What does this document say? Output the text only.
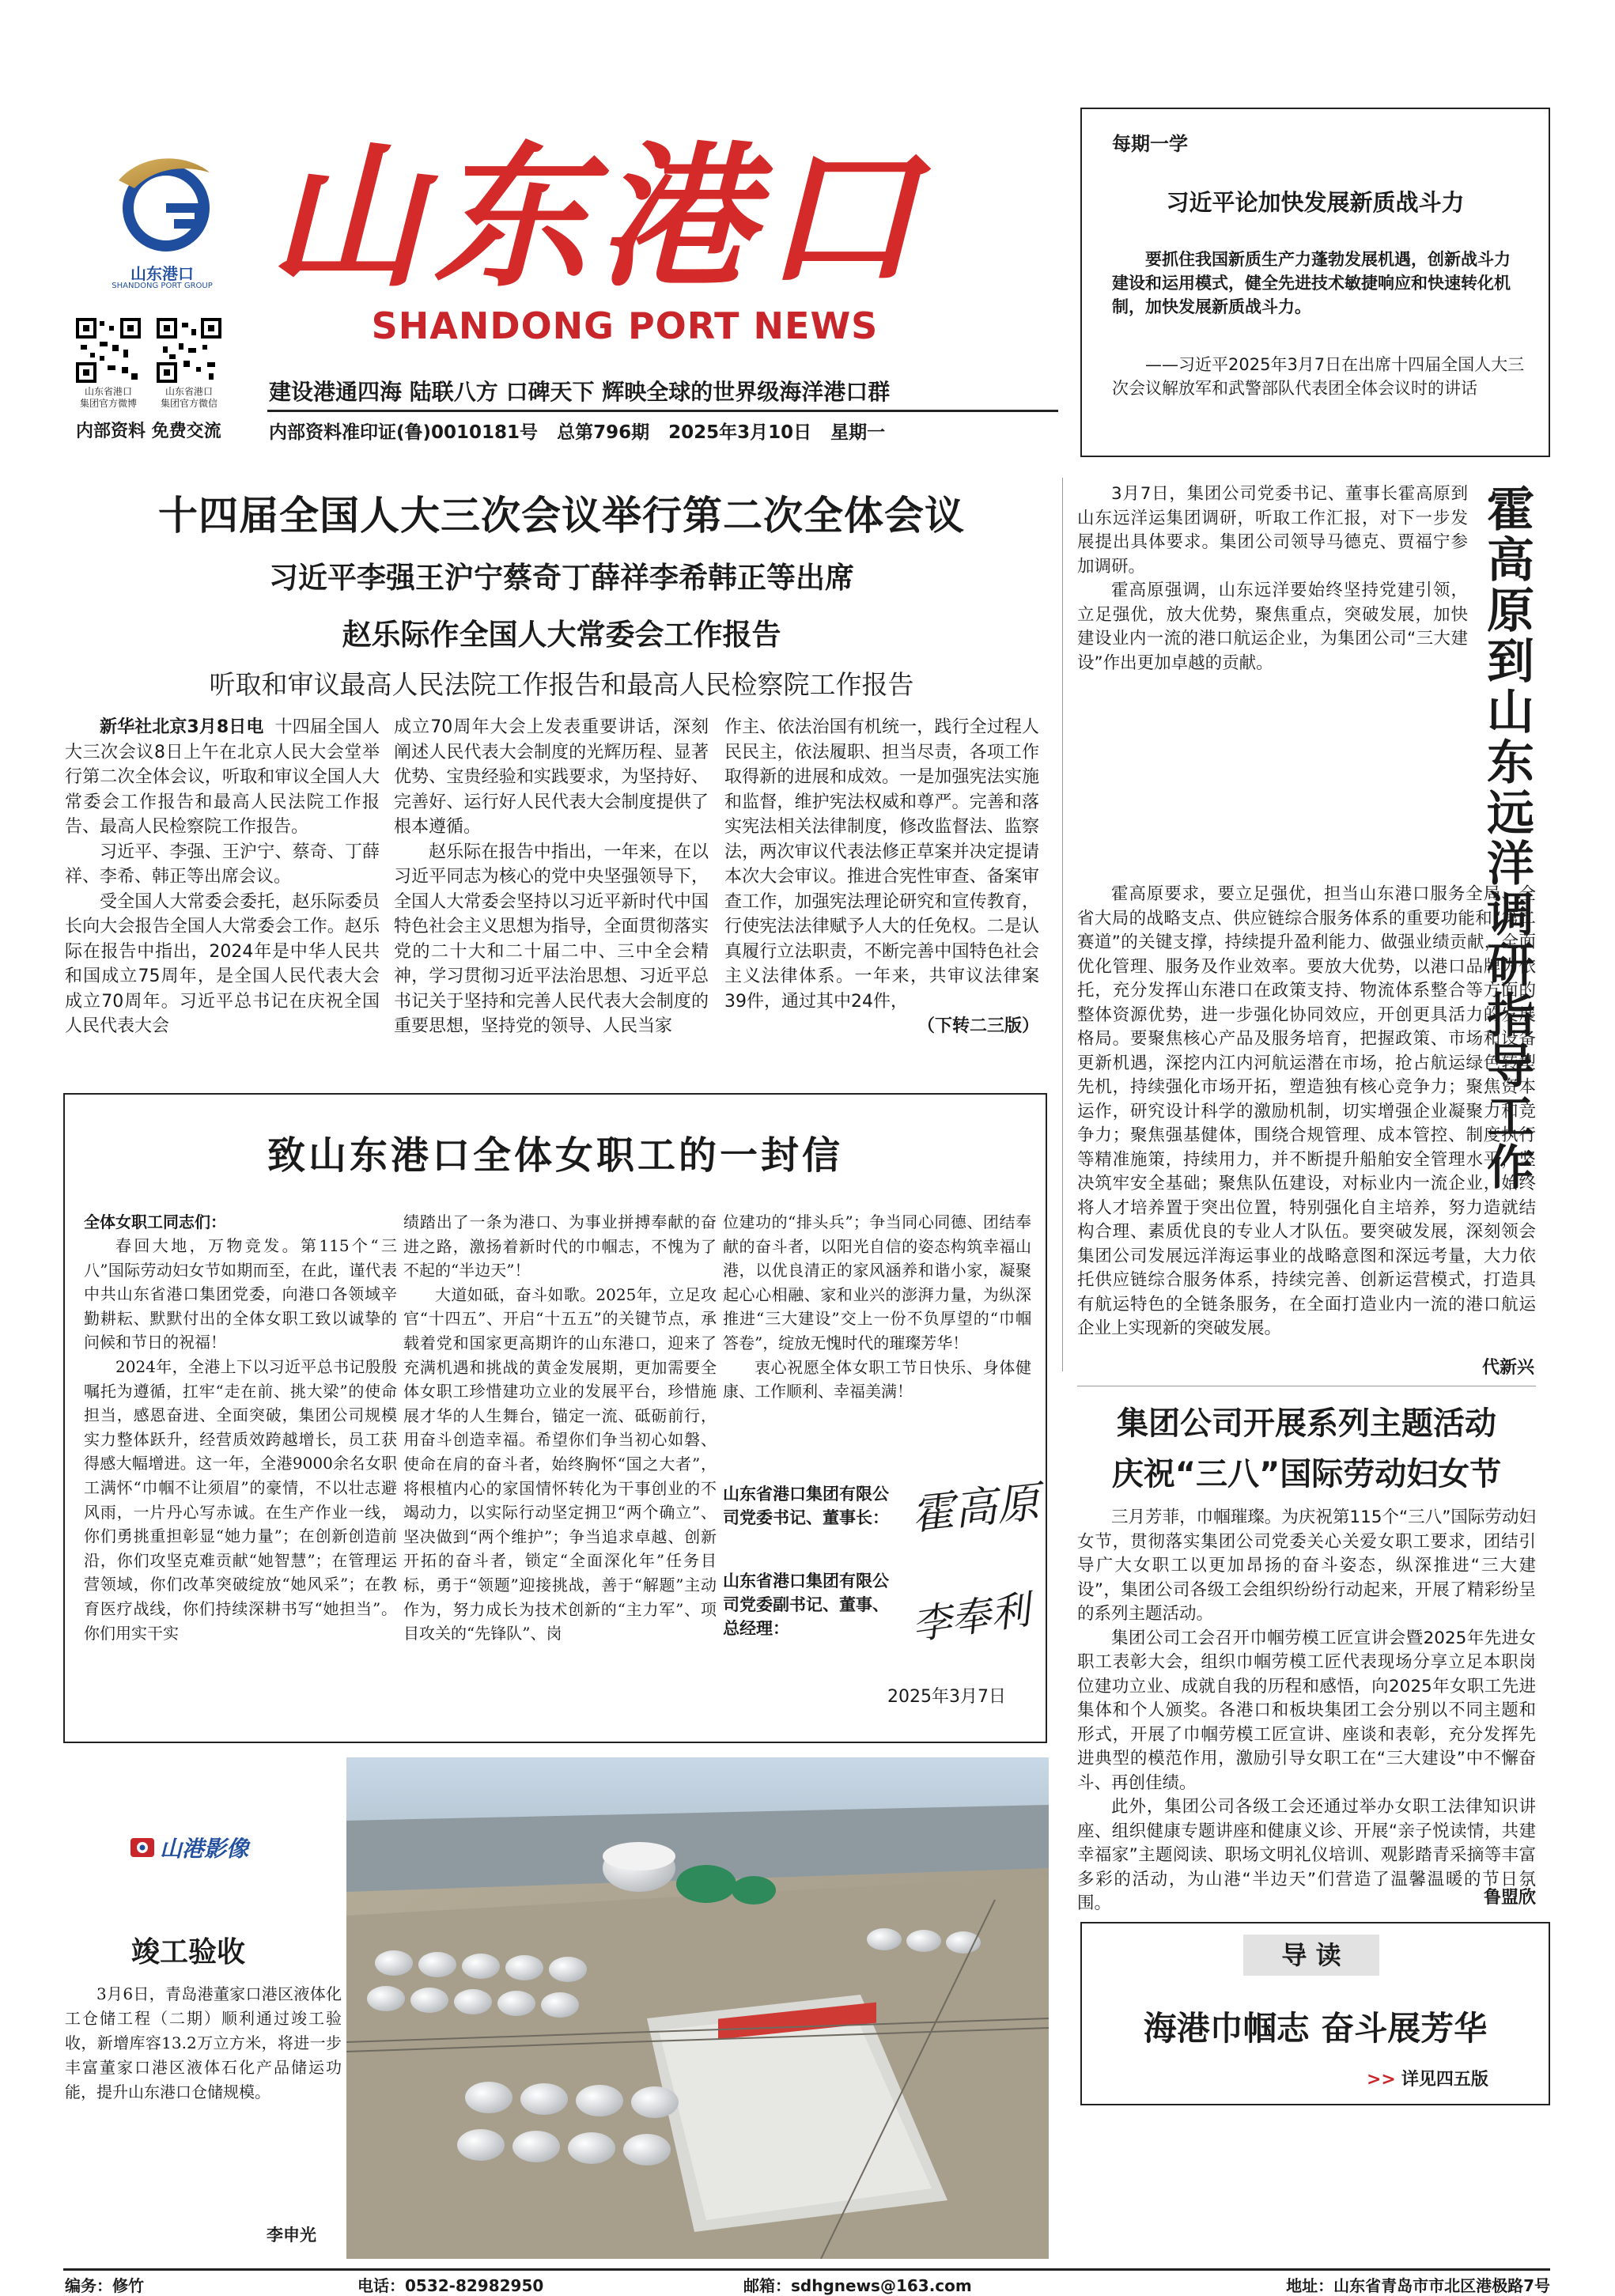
山东港口
SHANDONG PORT GROUP 山东港口
SHANDONG PORT NEWS
山东省港口
集团官方微博
山东省港口
集团官方微信	建设港通四海 陆联八方 口碑天下 辉映全球的世界级海洋港口群
内部资料 免费交流	内部资料准印证(鲁)0010181号   总第796期   2025年3月10日   星期一
每期一学
习近平论加快发展新质战斗力
要抓住我国新质生产力蓬勃发展机遇，创新战斗力建设和运用模式，健全先进技术敏捷响应和快速转化机制，加快发展新质战斗力。
——习近平2025年3月7日在出席十四届全国人大三次会议解放军和武警部队代表团全体会议时的讲话
十四届全国人大三次会议举行第二次全体会议
习近平李强王沪宁蔡奇丁薛祥李希韩正等出席
赵乐际作全国人大常委会工作报告
听取和审议最高人民法院工作报告和最高人民检察院工作报告

新华社北京3月8日电 十四届全国人大三次会议8日上午在北京人民大会堂举行第二次全体会议，听取和审议全国人大常委会工作报告和最高人民法院工作报告、最高人民检察院工作报告。

习近平、李强、王沪宁、蔡奇、丁薛祥、李希、韩正等出席会议。

受全国人大常委会委托，赵乐际委员长向大会报告全国人大常委会工作。赵乐际在报告中指出，2024年是中华人民共和国成立75周年，是全国人民代表大会成立70周年。习近平总书记在庆祝全国人民代表大会

成立70周年大会上发表重要讲话，深刻阐述人民代表大会制度的光辉历程、显著优势、宝贵经验和实践要求，为坚持好、完善好、运行好人民代表大会制度提供了根本遵循。

赵乐际在报告中指出，一年来，在以习近平同志为核心的党中央坚强领导下，全国人大常委会坚持以习近平新时代中国特色社会主义思想为指导，全面贯彻落实党的二十大和二十届二中、三中全会精神，学习贯彻习近平法治思想、习近平总书记关于坚持和完善人民代表大会制度的重要思想，坚持党的领导、人民当家

作主、依法治国有机统一，践行全过程人民民主，依法履职、担当尽责，各项工作取得新的进展和成效。一是加强宪法实施和监督，维护宪法权威和尊严。完善和落实宪法相关法律制度，修改监督法、监察法，两次审议代表法修正草案并决定提请本次大会审议。推进合宪性审查、备案审查工作，加强宪法理论研究和宣传教育，行使宪法法律赋予人大的任免权。二是认真履行立法职责，不断完善中国特色社会主义法律体系。一年来，共审议法律案39件，通过其中24件，

（下转二三版）	霍高原到山东远洋调研指导工作

3月7日，集团公司党委书记、董事长霍高原到山东远洋运集团调研，听取工作汇报，对下一步发展提出具体要求。集团公司领导马德克、贾福宁参加调研。

霍高原强调，山东远洋要始终坚持党建引领，立足强优，放大优势，聚焦重点，突破发展，加快建设业内一流的港口航运企业，为集团公司“三大建设”作出更加卓越的贡献。

霍高原要求，要立足强优，担当山东港口服务全局、全省大局的战略支点、供应链综合服务体系的重要功能和“第二赛道”的关键支撑，持续提升盈利能力、做强业绩贡献，全面优化管理、服务及作业效率。要放大优势，以港口品牌为依托，充分发挥山东港口在政策支持、物流体系整合等方面的整体资源优势，进一步强化协同效应，开创更具活力的发展格局。要聚焦核心产品及服务培育，把握政策、市场和设备更新机遇，深挖内江内河航运潜在市场，抢占航运绿色转型先机，持续强化市场开拓，塑造独有核心竞争力；聚焦资本运作，研究设计科学的激励机制，切实增强企业凝聚力和竞争力；聚焦强基健体，围绕合规管理、成本管控、制度执行等精准施策，持续用力，并不断提升船舶安全管理水平，坚决筑牢安全基础；聚焦队伍建设，对标业内一流企业，始终将人才培养置于突出位置，特别强化自主培养，努力造就结构合理、素质优良的专业人才队伍。要突破发展，深刻领会集团公司发展远洋海运事业的战略意图和深远考量，大力依托供应链综合服务体系，持续完善、创新运营模式，打造具有航运特色的全链条服务，在全面打造业内一流的港口航运企业上实现新的突破发展。

代新兴
致山东港口全体女职工的一封信

全体女职工同志们：

春回大地，万物竞发。第115个“三八”国际劳动妇女节如期而至，在此，谨代表中共山东省港口集团党委，向港口各领域辛勤耕耘、默默付出的全体女职工致以诚挚的问候和节日的祝福！

2024年，全港上下以习近平总书记殷殷嘱托为遵循，扛牢“走在前、挑大梁”的使命担当，感恩奋进、全面突破，集团公司规模实力整体跃升，经营质效跨越增长，员工获得感大幅增进。这一年，全港9000余名女职工满怀“巾帼不让须眉”的豪情，不以壮志避风雨，一片丹心写赤诚。在生产作业一线，你们勇挑重担彰显“她力量”；在创新创造前沿，你们攻坚克难贡献“她智慧”；在管理运营领域，你们改革突破绽放“她风采”；在教育医疗战线，你们持续深耕书写“她担当”。你们用实干实

绩踏出了一条为港口、为事业拼搏奉献的奋进之路，激扬着新时代的巾帼志，不愧为了不起的“半边天”！

大道如砥，奋斗如歌。2025年，立足攻官“十四五”、开启“十五五”的关键节点，承载着党和国家更高期许的山东港口，迎来了充满机遇和挑战的黄金发展期，更加需要全体女职工珍惜建功立业的发展平台，珍惜施展才华的人生舞台，锚定一流、砥砺前行，用奋斗创造幸福。希望你们争当初心如磐、使命在肩的奋斗者，始终胸怀“国之大者”，将根植内心的家国情怀转化为干事创业的不竭动力，以实际行动坚定拥卫“两个确立”、坚决做到“两个维护”；争当追求卓越、创新开拓的奋斗者，锁定“全面深化年”任务目标，勇于“领题”迎接挑战，善于“解题”主动作为，努力成长为技术创新的“主力军”、项目攻关的“先锋队”、岗

位建功的“排头兵”；争当同心同德、团结奉献的奋斗者，以阳光自信的姿态构筑幸福山港，以优良清正的家风涵养和谐小家，凝聚起心心相融、家和业兴的澎湃力量，为纵深推进“三大建设”交上一份不负厚望的“巾帼答卷”，绽放无愧时代的璀璨芳华！

衷心祝愿全体女职工节日快乐、身体健康、工作顺利、幸福美满！

山东省港口集团有限公司党委书记、董事长： 霍高原
山东省港口集团有限公司党委副书记、董事、总经理：	李奉利
2025年3月7日
山港影像
竣工验收
3月6日，青岛港董家口港区液体化工仓储工程（二期）顺利通过竣工验收，新增库容13.2万立方米，将进一步丰富董家口港区液体石化产品储运功能，提升山东港口仓储规模。
李申光
集团公司开展系列主题活动
庆祝“三八”国际劳动妇女节

三月芳菲，巾帼璀璨。为庆祝第115个“三八”国际劳动妇女节，贯彻落实集团公司党委关心关爱女职工要求，团结引导广大女职工以更加昂扬的奋斗姿态，纵深推进“三大建设”，集团公司各级工会组织纷纷行动起来，开展了精彩纷呈的系列主题活动。

集团公司工会召开巾帼劳模工匠宣讲会暨2025年先进女职工表彰大会，组织巾帼劳模工匠代表现场分享立足本职岗位建功立业、成就自我的历程和感悟，向2025年女职工先进集体和个人颁奖。各港口和板块集团工会分别以不同主题和形式，开展了巾帼劳模工匠宣讲、座谈和表彰，充分发挥先进典型的模范作用，激励引导女职工在“三大建设”中不懈奋斗、再创佳绩。

此外，集团公司各级工会还通过举办女职工法律知识讲座、组织健康专题讲座和健康义诊、开展“亲子悦读情，共建幸福家”主题阅读、职场文明礼仪培训、观影踏青采摘等丰富多彩的活动，为山港“半边天”们营造了温馨温暖的节日氛围。	鲁盟欣
导 读
海港巾帼志 奋斗展芳华
>> 详见四五版
编务：修竹	电话：0532-82982950	邮箱：sdhgnews@163.com	地址：山东省青岛市市北区港极路7号
